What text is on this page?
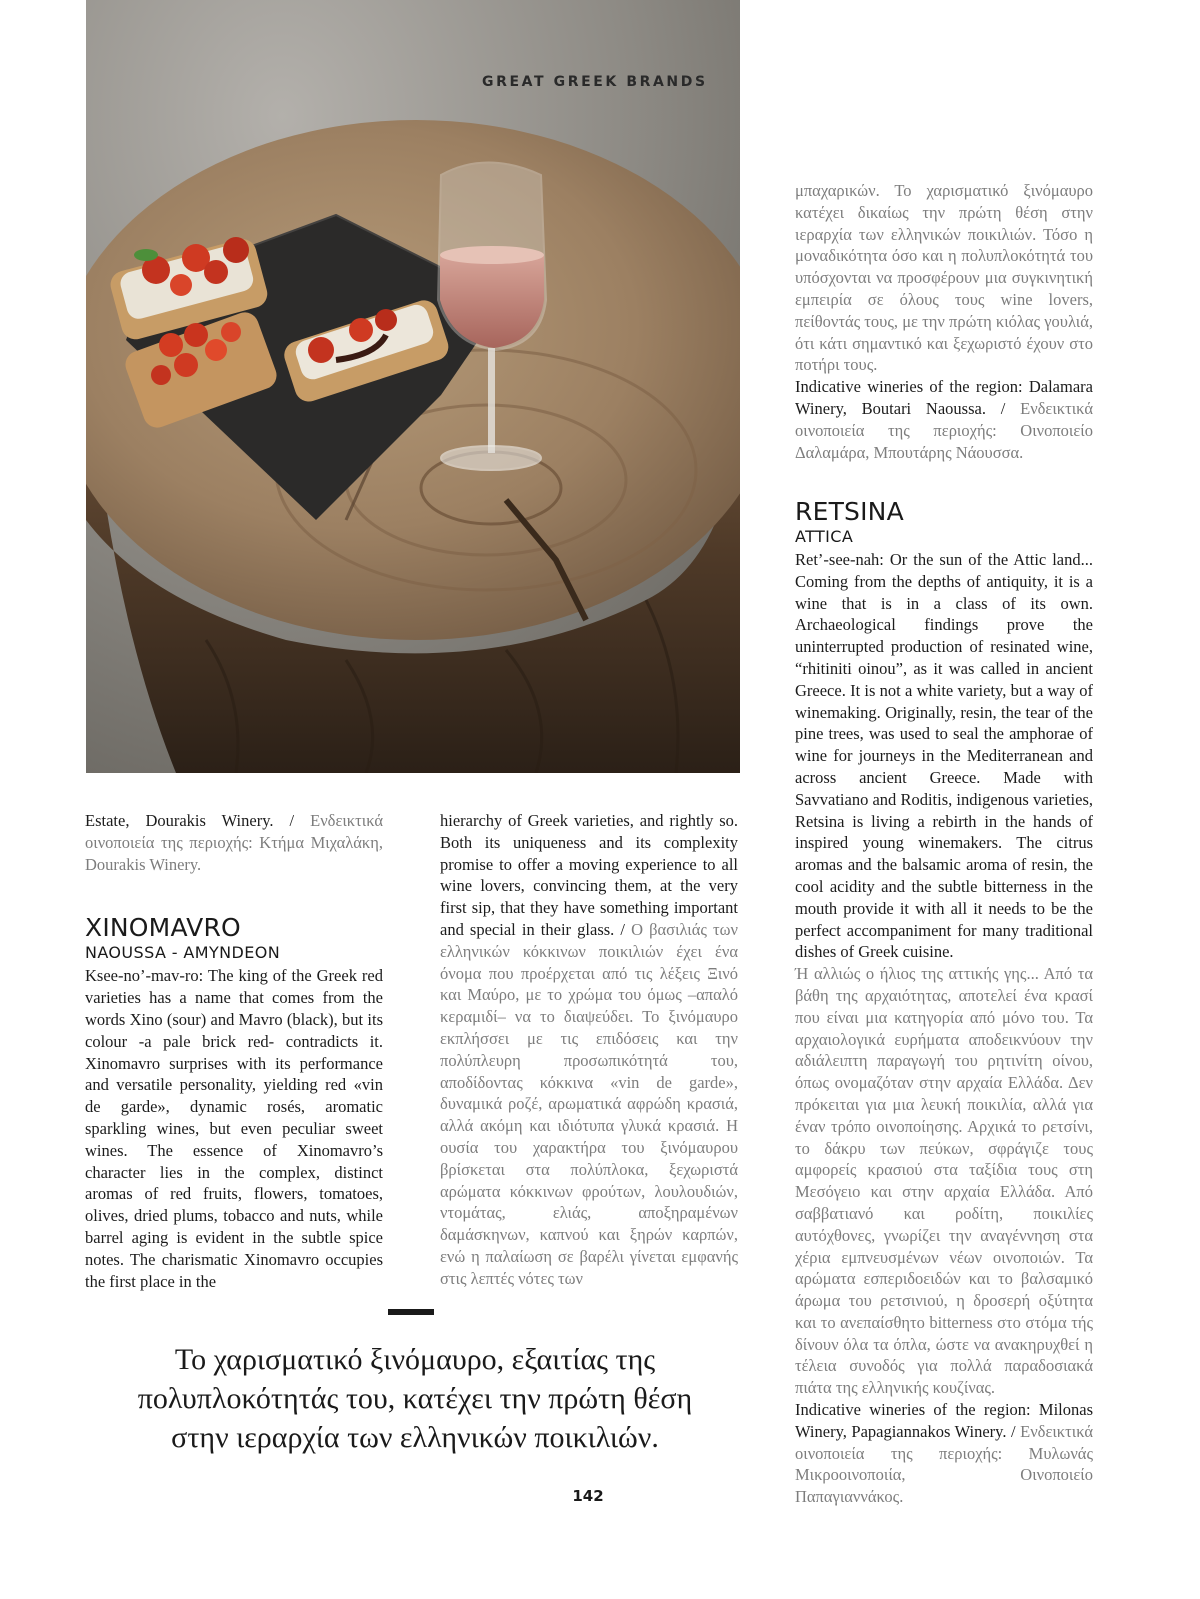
GREAT GREEK BRANDS

Estate, Dourakis Winery. / Ενδεικτικά οινοποιεία της περιοχής: Κτήμα Μιχαλάκη, Dourakis Winery.

XINOMAVRO
NAOUSSA - AMYNDEON

Ksee-no’-mav-ro: The king of the Greek red varieties has a name that comes from the words Xino (sour) and Mavro (black), but its colour -a pale brick red- contradicts it. Xinomavro surprises with its performance and versatile personality, yielding red «vin de garde», dynamic rosés, aromatic sparkling wines, but even peculiar sweet wines. The essence of Xinomavro’s character lies in the complex, distinct aromas of red fruits, flowers, tomatoes, olives, dried plums, tobacco and nuts, while barrel aging is evident in the subtle spice notes. The charismatic Xinomavro occupies the first place in the

hierarchy of Greek varieties, and rightly so. Both its uniqueness and its complexity promise to offer a moving experience to all wine lovers, convincing them, at the very first sip, that they have something important and special in their glass. / Ο βασιλιάς των ελληνικών κόκκινων ποικιλιών έχει ένα όνομα που προέρχεται από τις λέξεις Ξινό και Μαύρο, με το χρώμα του όμως –απαλό κεραμιδί– να το διαψεύδει. Το ξινόμαυρο εκπλήσσει με τις επιδόσεις και την πολύπλευρη προσωπικότητά του, αποδίδοντας κόκκινα «vin de garde», δυναμικά ροζέ, αρωματικά αφρώδη κρασιά, αλλά ακόμη και ιδιότυπα γλυκά κρασιά. Η ουσία του χαρακτήρα του ξινόμαυρου βρίσκεται στα πολύπλοκα, ξεχωριστά αρώματα κόκκινων φρούτων, λουλουδιών, ντομάτας, ελιάς, αποξηραμένων δαμάσκηνων, καπνού και ξηρών καρπών, ενώ η παλαίωση σε βαρέλι γίνεται εμφανής στις λεπτές νότες των

μπαχαρικών. Το χαρισματικό ξινόμαυρο κατέχει δικαίως την πρώτη θέση στην ιεραρχία των ελληνικών ποικιλιών. Τόσο η μοναδικότητα όσο και η πολυπλοκότητά του υπόσχονται να προσφέρουν μια συγκινητική εμπειρία σε όλους τους wine lovers, πείθοντάς τους, με την πρώτη κιόλας γουλιά, ότι κάτι σημαντικό και ξεχωριστό έχουν στο ποτήρι τους.

Indicative wineries of the region: Dalamara Winery, Boutari Naoussa. / Ενδεικτικά οινοποιεία της περιοχής: Οινοποιείο Δαλαμάρα, Μπουτάρης Νάουσσα.

RETSINA
ATTICA

Ret’-see-nah: Or the sun of the Attic land... Coming from the depths of antiquity, it is a wine that is in a class of its own. Archaeological findings prove the uninterrupted production of resinated wine, “rhitiniti oinou”, as it was called in ancient Greece. It is not a white variety, but a way of winemaking. Originally, resin, the tear of the pine trees, was used to seal the amphorae of wine for journeys in the Mediterranean and across ancient Greece. Made with Savvatiano and Roditis, indigenous varieties, Retsina is living a rebirth in the hands of inspired young winemakers. The citrus aromas and the balsamic aroma of resin, the cool acidity and the subtle bitterness in the mouth provide it with all it needs to be the perfect accompaniment for many traditional dishes of Greek cuisine.

Ή αλλιώς ο ήλιος της αττικής γης... Από τα βάθη της αρχαιότητας, αποτελεί ένα κρασί που είναι μια κατηγορία από μόνο του. Τα αρχαιολογικά ευρήματα αποδεικνύουν την αδιάλειπτη παραγωγή του ρητινίτη οίνου, όπως ονομαζόταν στην αρχαία Ελλάδα. Δεν πρόκειται για μια λευκή ποικιλία, αλλά για έναν τρόπο οινοποίησης. Αρχικά το ρετσίνι, το δάκρυ των πεύκων, σφράγιζε τους αμφορείς κρασιού στα ταξίδια τους στη Μεσόγειο και στην αρχαία Ελλάδα. Από σαββατιανό και ροδίτη, ποικιλίες αυτόχθονες, γνωρίζει την αναγέννηση στα χέρια εμπνευσμένων νέων οινοποιών. Τα αρώματα εσπεριδοειδών και το βαλσαμικό άρωμα του ρετσινιού, η δροσερή οξύτητα και το ανεπαίσθητο bitterness στο στόμα τής δίνουν όλα τα όπλα, ώστε να ανακηρυχθεί η τέλεια συνοδός για πολλά παραδοσιακά πιάτα της ελληνικής κουζίνας.

Indicative wineries of the region: Milonas Winery, Papagiannakos Winery. / Ενδεικτικά οινοποιεία της περιοχής: Μυλωνάς Μικροοινοποιία, Οινοποιείο Παπαγιαννάκος.

Το χαρισματικό ξινόμαυρο, εξαιτίας της
πολυπλοκότητάς του, κατέχει την πρώτη θέση
στην ιεραρχία των ελληνικών ποικιλιών.
142
